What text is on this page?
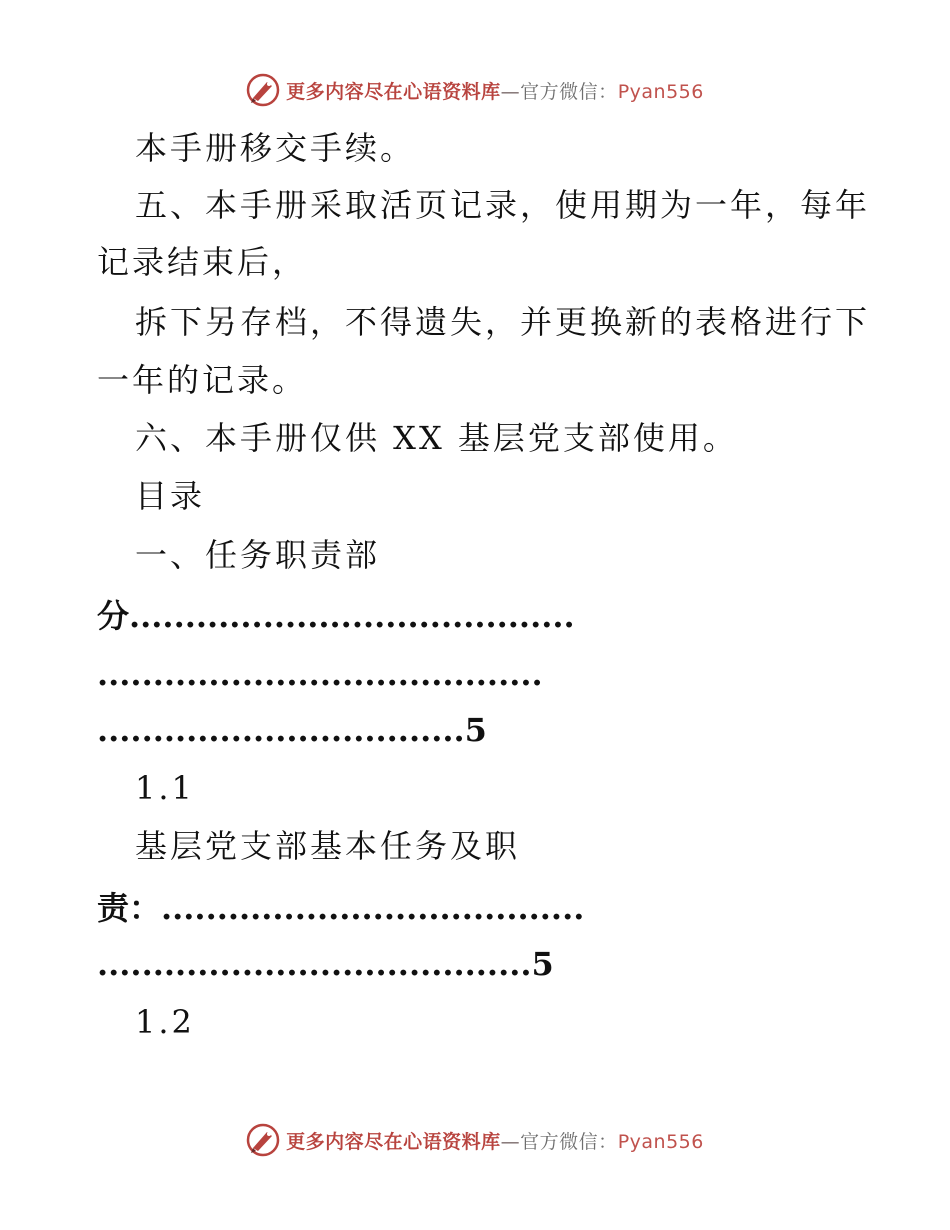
更多内容尽在心语资料库—官方微信：Pyan556
本手册移交手续。
五、本手册采取活页记录，使用期为一年，每年
记录结束后，
拆下另存档，不得遗失，并更换新的表格进行下
一年的记录。
六、本手册仅供 XX 基层党支部使用。
目录
一、任务职责部
分........................................
........................................
.................................5
1.1
基层党支部基本任务及职
责：......................................
.......................................5
1.2
更多内容尽在心语资料库—官方微信：Pyan556
